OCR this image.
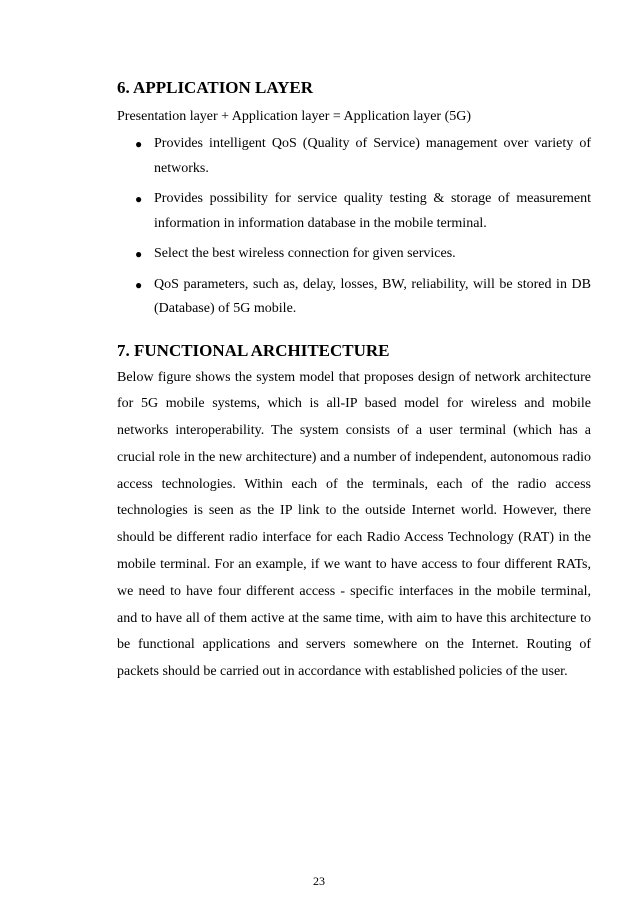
6. APPLICATION LAYER

Presentation layer + Application layer = Application layer (5G)

● Provides intelligent QoS (Quality of Service) management over variety of networks.
● Provides possibility for service quality testing & storage of measurement information in information database in the mobile terminal.
● Select the best wireless connection for given services.
● QoS parameters, such as, delay, losses, BW, reliability, will be stored in DB (Database) of 5G mobile.
7. FUNCTIONAL ARCHITECTURE

Below figure shows the system model that proposes design of network architecture for 5G mobile systems, which is all-IP based model for wireless and mobile networks interoperability. The system consists of a user terminal (which has a crucial role in the new architecture) and a number of independent, autonomous radio access technologies. Within each of the terminals, each of the radio access technologies is seen as the IP link to the outside Internet world. However, there should be different radio interface for each Radio Access Technology (RAT) in the mobile terminal. For an example, if we want to have access to four different RATs, we need to have four different access - specific interfaces in the mobile terminal, and to have all of them active at the same time, with aim to have this architecture to be functional applications and servers somewhere on the Internet. Routing of packets should be carried out in accordance with established policies of the user.

23
